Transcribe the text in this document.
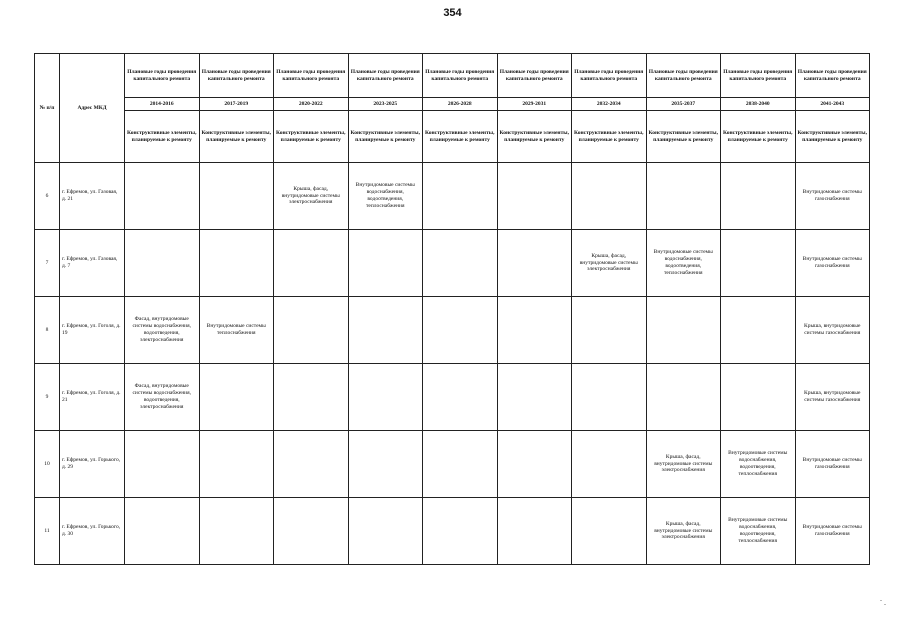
354
№ п/п	Адрес МКД	Плановые годы проведения капитального ремонта	Плановые годы проведения капитального ремонта	Плановые годы проведения капитального ремонта	Плановые годы проведения капитального ремонта	Плановые годы проведения капитального ремонта	Плановые годы проведения капитального ремонта	Плановые годы проведения капитального ремонта	Плановые годы проведения капитального ремонта	Плановые годы проведения капитального ремонта	Плановые годы проведения капитального ремонта
		2014-2016	2017-2019	2020-2022	2023-2025	2026-2028	2029-2031	2032-2034	2035-2037	2038-2040	2041-2043
		Конструктивные элементы, планируемые к ремонту	Конструктивные элементы, планируемые к ремонту	Конструктивные элементы, планируемые к ремонту	Конструктивные элементы, планируемые к ремонту	Конструктивные элементы, планируемые к ремонту	Конструктивные элементы, планируемые к ремонту	Конструктивные элементы, планируемые к ремонту	Конструктивные элементы, планируемые к ремонту	Конструктивные элементы, планируемые к ремонту	Конструктивные элементы, планируемые к ремонту
6	г. Ефремов, ул. Газовая, д. 21			Крыша, фасад, внутридомовые системы электроснабжения	Внутридомовые системы водоснабжения, водоотведения, теплоснабжения						Внутридомовые системы газоснабжения
7	г. Ефремов, ул. Газовая, д. 7							Крыша, фасад, внутридомовые системы электроснабжения	Внутридомовые системы водоснабжения, водоотведения, теплоснабжения		Внутридомовые системы газоснабжения
8	г. Ефремов, ул. Гоголя, д. 19	Фасад, внутридомовые системы водоснабжения, водоотведения, электроснабжения	Внутридомовые системы теплоснабжения								Крыша, внутридомовые системы газоснабжения
9	г. Ефремов, ул. Гоголя, д. 21	Фасад, внутридомовые системы водоснабжения, водоотведения, электроснабжения									Крыша, внутридомовые системы газоснабжения
10	г. Ефремов, ул. Горького, д. 29								Крыша, фасад, внутридомовые системы электроснабжения	Внутридомовые системы водоснабжения, водоотведения, теплоснабжения	Внутридомовые системы газоснабжения
11	г. Ефремов, ул. Горького, д. 30								Крыша, фасад, внутридомовые системы электроснабжения	Внутридомовые системы водоснабжения, водоотведения, теплоснабжения	Внутридомовые системы газоснабжения
